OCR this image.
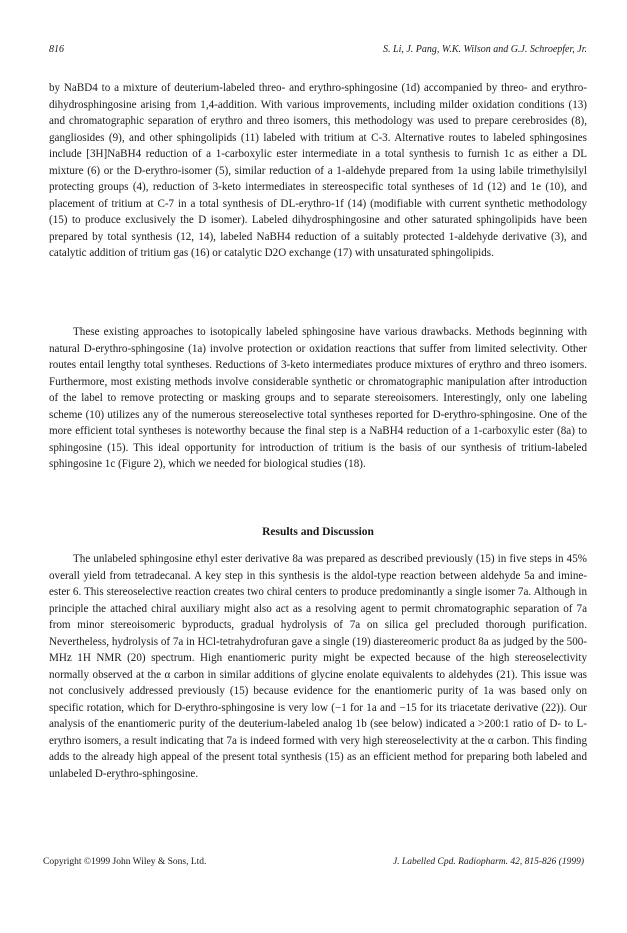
816	S. Li, J. Pang, W.K. Wilson and G.J. Schroepfer, Jr.

by NaBD4 to a mixture of deuterium-labeled threo- and erythro-sphingosine (1d) accompanied by threo- and erythro-dihydrosphingosine arising from 1,4-addition. With various improvements, including milder oxidation conditions (13) and chromatographic separation of erythro and threo isomers, this methodology was used to prepare cerebrosides (8), gangliosides (9), and other sphingolipids (11) labeled with tritium at C-3. Alternative routes to labeled sphingosines include [3H]NaBH4 reduction of a 1-carboxylic ester intermediate in a total synthesis to furnish 1c as either a DL mixture (6) or the D-erythro-isomer (5), similar reduction of a 1-aldehyde prepared from 1a using labile trimethylsilyl protecting groups (4), reduction of 3-keto intermediates in stereospecific total syntheses of 1d (12) and 1e (10), and placement of tritium at C-7 in a total synthesis of DL-erythro-1f (14) (modifiable with current synthetic methodology (15) to produce exclusively the D isomer). Labeled dihydrosphingosine and other saturated sphingolipids have been prepared by total synthesis (12, 14), labeled NaBH4 reduction of a suitably protected 1-aldehyde derivative (3), and catalytic addition of tritium gas (16) or catalytic D2O exchange (17) with unsaturated sphingolipids.

These existing approaches to isotopically labeled sphingosine have various drawbacks. Methods beginning with natural D-erythro-sphingosine (1a) involve protection or oxidation reactions that suffer from limited selectivity. Other routes entail lengthy total syntheses. Reductions of 3-keto intermediates produce mixtures of erythro and threo isomers. Furthermore, most existing methods involve considerable synthetic or chromatographic manipulation after introduction of the label to remove protecting or masking groups and to separate stereoisomers. Interestingly, only one labeling scheme (10) utilizes any of the numerous stereoselective total syntheses reported for D-erythro-sphingosine. One of the more efficient total syntheses is noteworthy because the final step is a NaBH4 reduction of a 1-carboxylic ester (8a) to sphingosine (15). This ideal opportunity for introduction of tritium is the basis of our synthesis of tritium-labeled sphingosine 1c (Figure 2), which we needed for biological studies (18).

Results and Discussion

The unlabeled sphingosine ethyl ester derivative 8a was prepared as described previously (15) in five steps in 45% overall yield from tetradecanal. A key step in this synthesis is the aldol-type reaction between aldehyde 5a and imine-ester 6. This stereoselective reaction creates two chiral centers to produce predominantly a single isomer 7a. Although in principle the attached chiral auxiliary might also act as a resolving agent to permit chromatographic separation of 7a from minor stereoisomeric byproducts, gradual hydrolysis of 7a on silica gel precluded thorough purification. Nevertheless, hydrolysis of 7a in HCl-tetrahydrofuran gave a single (19) diastereomeric product 8a as judged by the 500-MHz 1H NMR (20) spectrum. High enantiomeric purity might be expected because of the high stereoselectivity normally observed at the α carbon in similar additions of glycine enolate equivalents to aldehydes (21). This issue was not conclusively addressed previously (15) because evidence for the enantiomeric purity of 1a was based only on specific rotation, which for D-erythro-sphingosine is very low (−1 for 1a and −15 for its triacetate derivative (22)). Our analysis of the enantiomeric purity of the deuterium-labeled analog 1b (see below) indicated a >200:1 ratio of D- to L-erythro isomers, a result indicating that 7a is indeed formed with very high stereoselectivity at the α carbon. This finding adds to the already high appeal of the present total synthesis (15) as an efficient method for preparing both labeled and unlabeled D-erythro-sphingosine.

Copyright ©1999 John Wiley & Sons, Ltd.	J. Labelled Cpd. Radiopharm. 42, 815-826 (1999)
